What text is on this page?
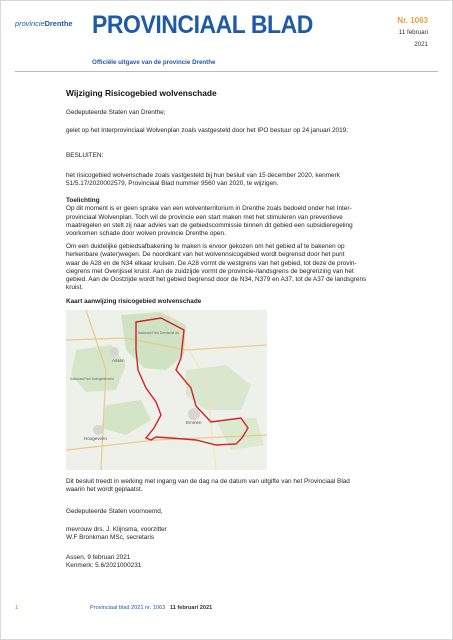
provincieDrenthe PROVINCIAAL BLAD
Officiële uitgave van de provincie Drenthe
Nr. 1063
11 februari
2021
Wijziging Risicogebied wolvenschade

Gedeputeerde Staten van Drenthe;

gelet op het Interprovinciaal Wolvenplan zoals vastgesteld door het IPO bestuur op 24 januari 2019;

BESLUITEN:

het risicogebied wolvenschade zoals vastgesteld bij hun besluit van 15 december 2020, kenmerk

51/5.17/2020002579, Provinciaal Blad nummer 9560 van 2020, te wijzigen.

Toelichting

Op dit moment is er geen sprake van een wolventerritorium in Drenthe zoals bedoeld onder het Inter-

provinciaal Wolvenplan. Toch wil de provincie een start maken met het stimuleren van preventieve

maatregelen en stelt zij naar advies van de gebiedscommissie binnen dit gebied een subsidieregeling

voorkomen schade door wolven provincie Drenthe open.

Om een duidelijke gebiedsafbakening te maken is ervoor gekozen om het gebied af te bakenen op

herkenbare (water)wegen. De noordkant van het wolvenrisicogebied wordt begrensd door het punt

waar de A28 en de N34 elkaar kruisen. De A28 vormt de westgrens van het gebied, tot deze de provin-

ciegrens met Overijssel kruist. Aan de zuidzijde vormt de provincie-/landsgrens de begrenzing van het

gebied. Aan de Oostzijde wordt het gebied begrensd door de N34, N379 en A37, tot de A37 de landsgrens

kruist.

Kaart aanwijzing risicogebied wolvenschade
Assen
Emmen
Hoogeveen
Nationaal Park Drentsche Aa
Nationaal Park Dwingelderveld

Dit besluit treedt in werking met ingang van de dag na de datum van uitgifte van het Provinciaal Blad

waarin het wordt geplaatst.

Gedeputeerde Staten voornoemd,

mevrouw drs. J. Klijnsma, voorzitter

W.F Bronkman MSc, secretaris

Assen, 9 februari 2021

Kenmerk: 5.6/2021000231

1	Provinciaal blad 2021 nr. 1063 11 februari 2021
